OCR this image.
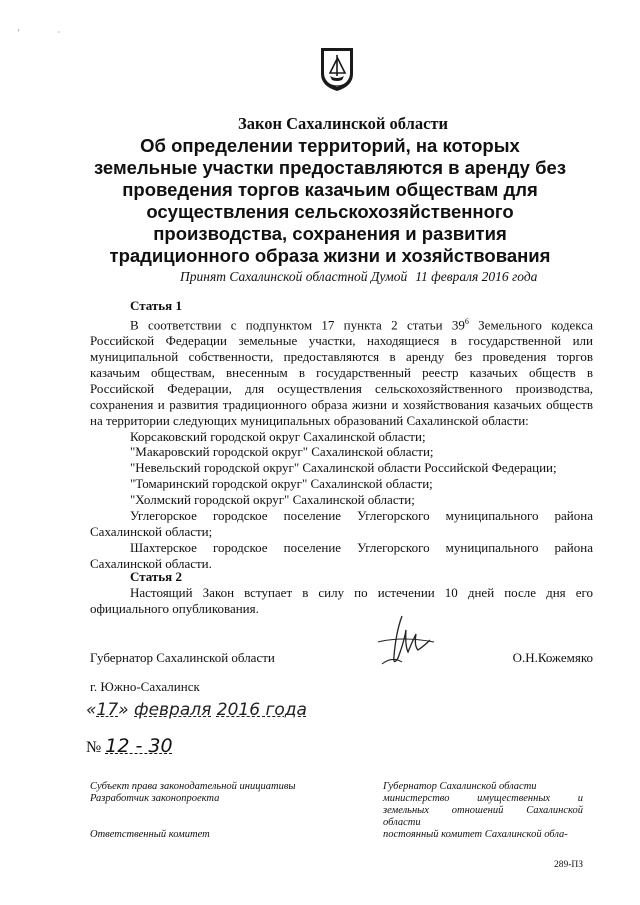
' ·
Закон Сахалинской области
Об определении территорий, на которых
земельные участки предоставляются в аренду без
проведения торгов казачьим обществам для
осуществления сельскохозяйственного
производства, сохранения и развития
традиционного образа жизни и хозяйствования
Принят Сахалинской областной Думой 11 февраля 2016 года
Статья 1

В соответствии с подпунктом 17 пункта 2 статьи $39^6$ Земельного кодекса Российской Федерации земельные участки, находящиеся в государственной или муниципальной собственности, предоставляются в аренду без проведения торгов казачьим обществам, внесенным в государственный реестр казачьих обществ в Российской Федерации, для осуществления сельскохозяйственного производства, сохранения и развития традиционного образа жизни и хозяйствования казачьих обществ на территории следующих муниципальных образований Сахалинской области:

Корсаковский городской округ Сахалинской области;

"Макаровский городской округ" Сахалинской области;

"Невельский городской округ" Сахалинской области Российской Федерации;

"Томаринский городской округ" Сахалинской области;

"Холмский городской округ" Сахалинской области;

Углегорское городское поселение Углегорского муниципального района Сахалинской области;

Шахтерское городское поселение Углегорского муниципального района Сахалинской области.

Статья 2

Настоящий Закон вступает в силу по истечении 10 дней после дня его официального опубликования.

Губернатор Сахалинской области	О.Н.Кожемяко
г. Южно-Сахалинск
«17» февраля 2016 года
№ 12 - 30
Субъект права законодательной инициативы
Разработчик законопроекта
Ответственный комитет
Губернатор Сахалинской области
министерство имущественных и
земельных отношений Сахалинской
области
постоянный комитет Сахалинской обла-
289-ПЗ
